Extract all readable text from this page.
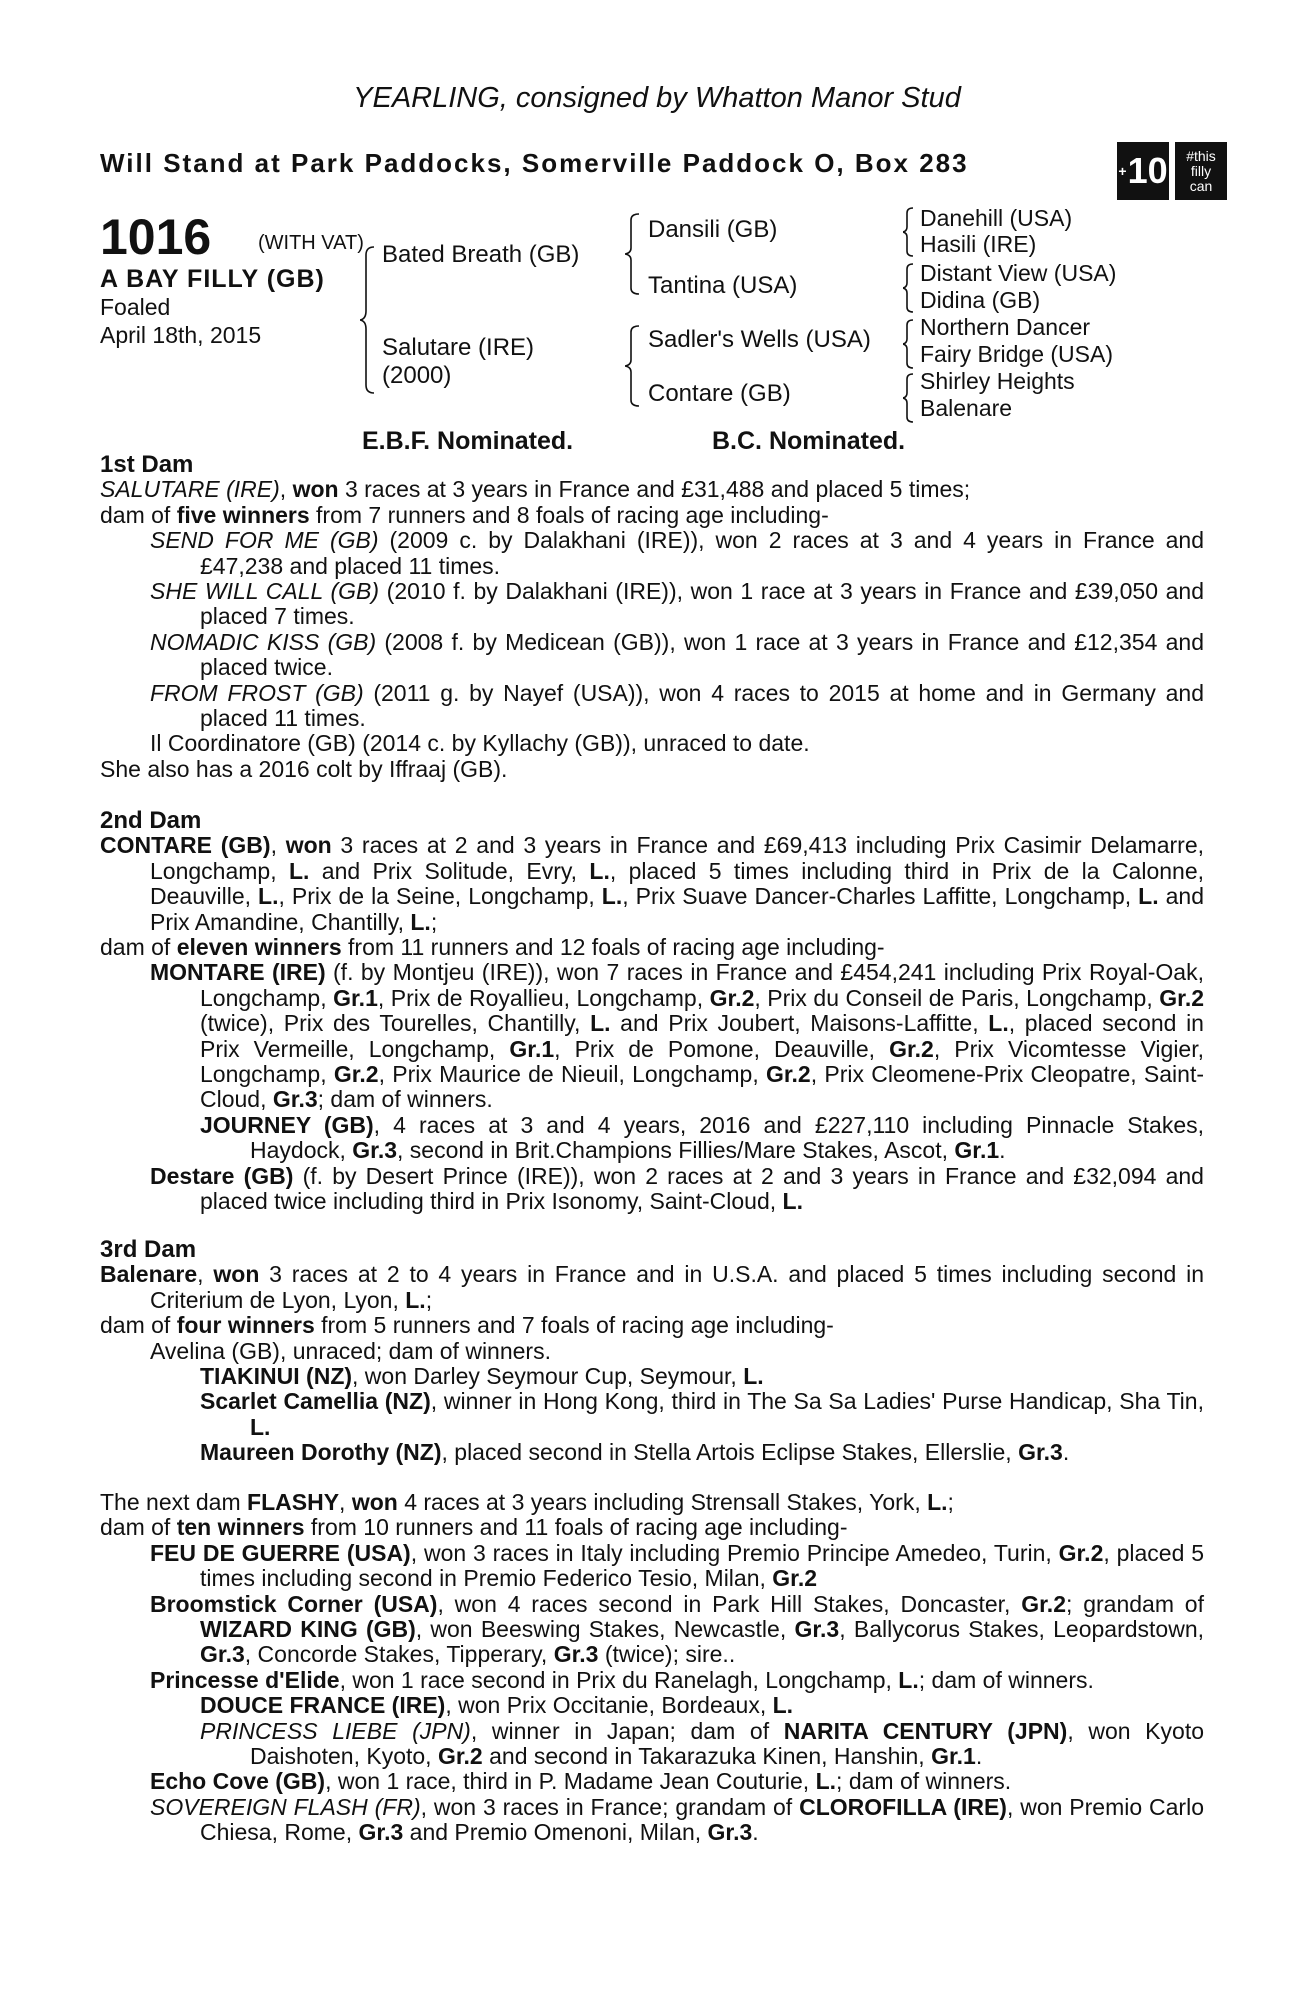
YEARLING, consigned by Whatton Manor Stud
Will Stand at Park Paddocks, Somerville Paddock O, Box 283	+ 10 #this
filly
can
1016 (WITH VAT)
A BAY FILLY (GB)
Foaled
April 18th, 2015
Bated Breath (GB)
Salutare (IRE)
(2000)
Dansili (GB)
Tantina (USA)
Sadler's Wells (USA)
Contare (GB)
Danehill (USA)
Hasili (IRE)
Distant View (USA)
Didina (GB)
Northern Dancer
Fairy Bridge (USA)
Shirley Heights
Balenare
E.B.F. Nominated.	B.C. Nominated.

1st Dam

SALUTARE (IRE), won 3 races at 3 years in France and £31,488 and placed 5 times;

dam of five winners from 7 runners and 8 foals of racing age including-

SEND FOR ME (GB) (2009 c. by Dalakhani (IRE)), won 2 races at 3 and 4 years in France and £47,238 and placed 11 times.

SHE WILL CALL (GB) (2010 f. by Dalakhani (IRE)), won 1 race at 3 years in France and £39,050 and placed 7 times.

NOMADIC KISS (GB) (2008 f. by Medicean (GB)), won 1 race at 3 years in France and £12,354 and placed twice.

FROM FROST (GB) (2011 g. by Nayef (USA)), won 4 races to 2015 at home and in Germany and placed 11 times.

Il Coordinatore (GB) (2014 c. by Kyllachy (GB)), unraced to date.

She also has a 2016 colt by Iffraaj (GB).

2nd Dam

CONTARE (GB), won 3 races at 2 and 3 years in France and £69,413 including Prix Casimir Delamarre, Longchamp, L. and Prix Solitude, Evry, L., placed 5 times including third in Prix de la Calonne, Deauville, L., Prix de la Seine, Longchamp, L., Prix Suave Dancer-Charles Laffitte, Longchamp, L. and Prix Amandine, Chantilly, L.;

dam of eleven winners from 11 runners and 12 foals of racing age including-

MONTARE (IRE) (f. by Montjeu (IRE)), won 7 races in France and £454,241 including Prix Royal-Oak, Longchamp, Gr.1, Prix de Royallieu, Longchamp, Gr.2, Prix du Conseil de Paris, Longchamp, Gr.2 (twice), Prix des Tourelles, Chantilly, L. and Prix Joubert, Maisons-Laffitte, L., placed second in Prix Vermeille, Longchamp, Gr.1, Prix de Pomone, Deauville, Gr.2, Prix Vicomtesse Vigier, Longchamp, Gr.2, Prix Maurice de Nieuil, Longchamp, Gr.2, Prix Cleomene-Prix Cleopatre, Saint-Cloud, Gr.3; dam of winners.

JOURNEY (GB), 4 races at 3 and 4 years, 2016 and £227,110 including Pinnacle Stakes, Haydock, Gr.3, second in Brit.Champions Fillies/Mare Stakes, Ascot, Gr.1.

Destare (GB) (f. by Desert Prince (IRE)), won 2 races at 2 and 3 years in France and £32,094 and placed twice including third in Prix Isonomy, Saint-Cloud, L.

3rd Dam

Balenare, won 3 races at 2 to 4 years in France and in U.S.A. and placed 5 times including second in Criterium de Lyon, Lyon, L.;

dam of four winners from 5 runners and 7 foals of racing age including-

Avelina (GB), unraced; dam of winners.

TIAKINUI (NZ), won Darley Seymour Cup, Seymour, L.

Scarlet Camellia (NZ), winner in Hong Kong, third in The Sa Sa Ladies' Purse Handicap, Sha Tin, L.

Maureen Dorothy (NZ), placed second in Stella Artois Eclipse Stakes, Ellerslie, Gr.3.

The next dam FLASHY, won 4 races at 3 years including Strensall Stakes, York, L.;

dam of ten winners from 10 runners and 11 foals of racing age including-

FEU DE GUERRE (USA), won 3 races in Italy including Premio Principe Amedeo, Turin, Gr.2, placed 5 times including second in Premio Federico Tesio, Milan, Gr.2

Broomstick Corner (USA), won 4 races second in Park Hill Stakes, Doncaster, Gr.2; grandam of WIZARD KING (GB), won Beeswing Stakes, Newcastle, Gr.3, Ballycorus Stakes, Leopardstown, Gr.3, Concorde Stakes, Tipperary, Gr.3 (twice); sire..

Princesse d'Elide, won 1 race second in Prix du Ranelagh, Longchamp, L.; dam of winners.

DOUCE FRANCE (IRE), won Prix Occitanie, Bordeaux, L.

PRINCESS LIEBE (JPN), winner in Japan; dam of NARITA CENTURY (JPN), won Kyoto Daishoten, Kyoto, Gr.2 and second in Takarazuka Kinen, Hanshin, Gr.1.

Echo Cove (GB), won 1 race, third in P. Madame Jean Couturie, L.; dam of winners.

SOVEREIGN FLASH (FR), won 3 races in France; grandam of CLOROFILLA (IRE), won Premio Carlo Chiesa, Rome, Gr.3 and Premio Omenoni, Milan, Gr.3.
